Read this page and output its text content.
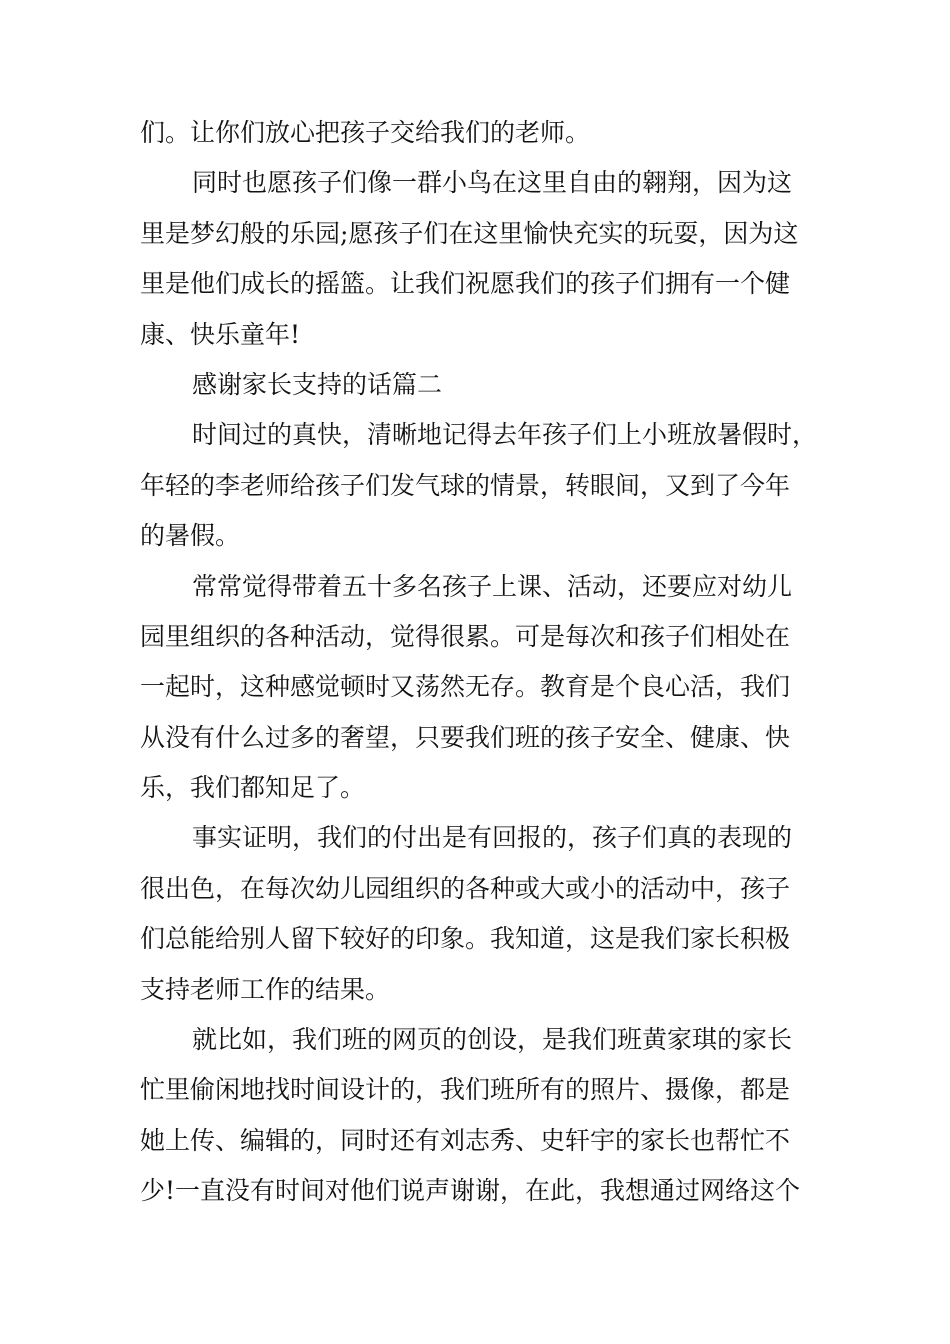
们。让你们放心把孩子交给我们的老师。
同时也愿孩子们像一群小鸟在这里自由的翱翔，因为这
里是梦幻般的乐园;愿孩子们在这里愉快充实的玩耍，因为这
里是他们成长的摇篮。让我们祝愿我们的孩子们拥有一个健
康、快乐童年!
感谢家长支持的话篇二
时间过的真快，清晰地记得去年孩子们上小班放暑假时，
年轻的李老师给孩子们发气球的情景，转眼间，又到了今年
的暑假。
常常觉得带着五十多名孩子上课、活动，还要应对幼儿
园里组织的各种活动，觉得很累。可是每次和孩子们相处在
一起时，这种感觉顿时又荡然无存。教育是个良心活，我们
从没有什么过多的奢望，只要我们班的孩子安全、健康、快
乐，我们都知足了。
事实证明，我们的付出是有回报的，孩子们真的表现的
很出色，在每次幼儿园组织的各种或大或小的活动中，孩子
们总能给别人留下较好的印象。我知道，这是我们家长积极
支持老师工作的结果。
就比如，我们班的网页的创设，是我们班黄家琪的家长
忙里偷闲地找时间设计的，我们班所有的照片、摄像，都是
她上传、编辑的，同时还有刘志秀、史轩宇的家长也帮忙不
少!一直没有时间对他们说声谢谢，在此，我想通过网络这个
